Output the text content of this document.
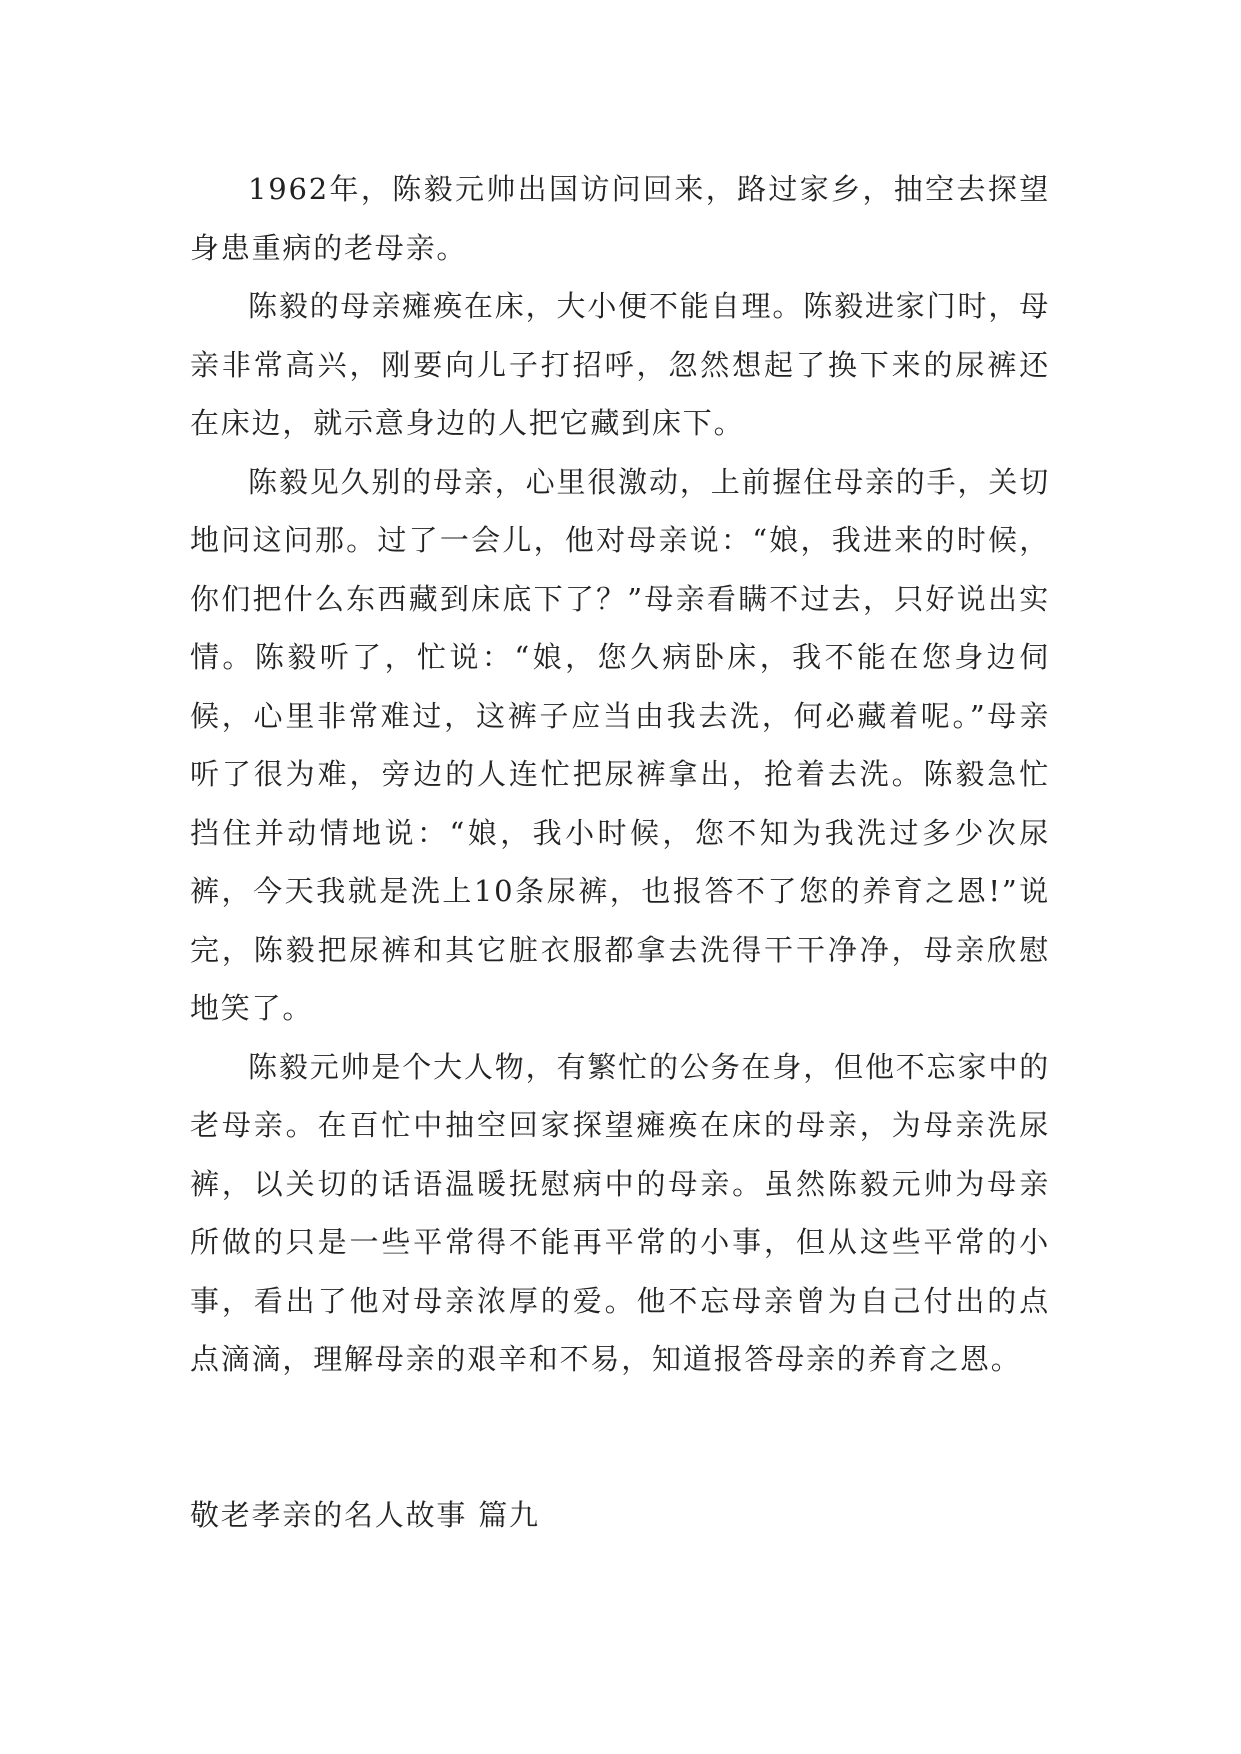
1962年，陈毅元帅出国访问回来，路过家乡，抽空去探望身患重病的老母亲。

陈毅的母亲瘫痪在床，大小便不能自理。陈毅进家门时，母亲非常高兴，刚要向儿子打招呼，忽然想起了换下来的尿裤还在床边，就示意身边的人把它藏到床下。

陈毅见久别的母亲，心里很激动，上前握住母亲的手，关切地问这问那。过了一会儿，他对母亲说：“娘，我进来的时候，你们把什么东西藏到床底下了？”母亲看瞒不过去，只好说出实情。陈毅听了，忙说：“娘，您久病卧床，我不能在您身边伺候，心里非常难过，这裤子应当由我去洗，何必藏着呢。”母亲听了很为难，旁边的人连忙把尿裤拿出，抢着去洗。陈毅急忙挡住并动情地说：“娘，我小时候，您不知为我洗过多少次尿裤，今天我就是洗上10条尿裤，也报答不了您的养育之恩!”说完，陈毅把尿裤和其它脏衣服都拿去洗得干干净净，母亲欣慰地笑了。

陈毅元帅是个大人物，有繁忙的公务在身，但他不忘家中的老母亲。在百忙中抽空回家探望瘫痪在床的母亲，为母亲洗尿裤，以关切的话语温暖抚慰病中的母亲。虽然陈毅元帅为母亲所做的只是一些平常得不能再平常的小事，但从这些平常的小事，看出了他对母亲浓厚的爱。他不忘母亲曾为自己付出的点点滴滴，理解母亲的艰辛和不易，知道报答母亲的养育之恩。

敬老孝亲的名人故事 篇九
